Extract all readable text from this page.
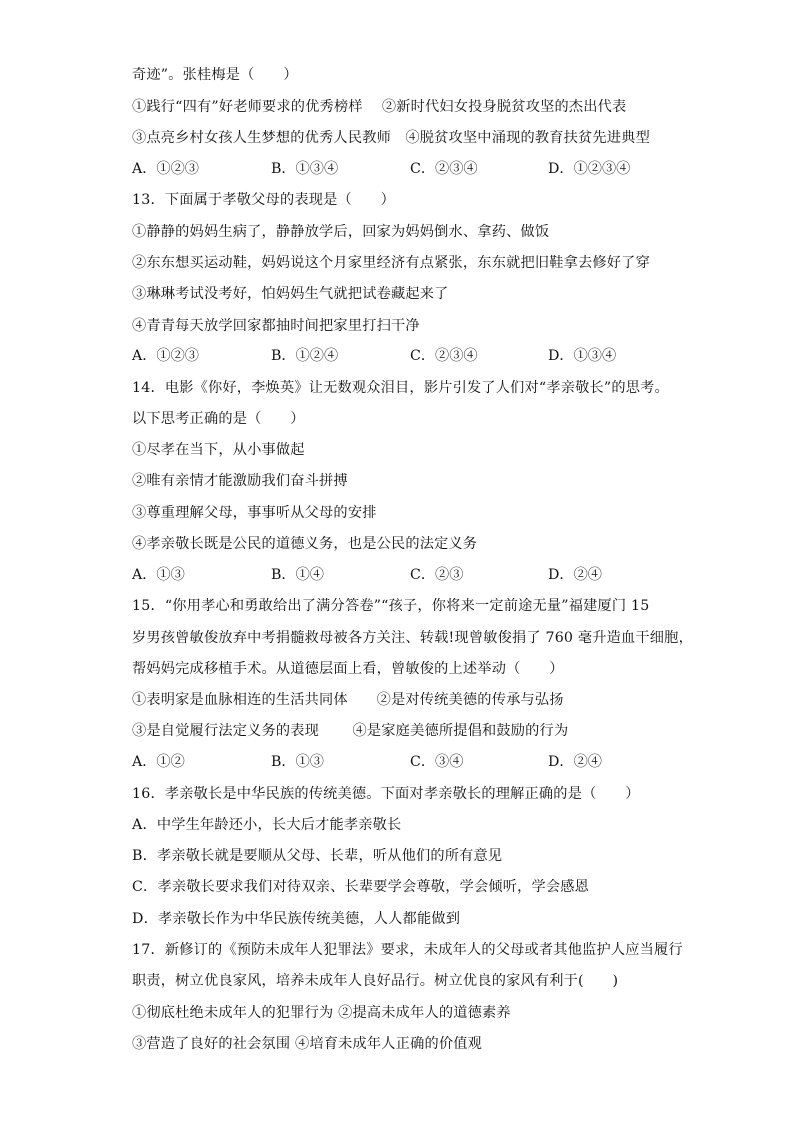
奇迹”。张桂梅是（　　）
①践行“四有”好老师要求的优秀榜样　 ②新时代妇女投身脱贫攻坚的杰出代表
③点亮乡村女孩人生梦想的优秀人民教师　④脱贫攻坚中涌现的教育扶贫先进典型
A．①②③	B．①③④	C．②③④	D．①②③④
13．下面属于孝敬父母的表现是（　　）
①静静的妈妈生病了，静静放学后，回家为妈妈倒水、拿药、做饭
②东东想买运动鞋，妈妈说这个月家里经济有点紧张，东东就把旧鞋拿去修好了穿
③琳琳考试没考好，怕妈妈生气就把试卷藏起来了
④青青每天放学回家都抽时间把家里打扫干净
A．①②③	B．①②④	C．②③④	D．①③④
14．电影《你好，李焕英》让无数观众泪目，影片引发了人们对“孝亲敬长”的思考。
以下思考正确的是（　　）
①尽孝在当下，从小事做起
②唯有亲情才能激励我们奋斗拼搏
③尊重理解父母，事事听从父母的安排
④孝亲敬长既是公民的道德义务，也是公民的法定义务
A．①③	B．①④	C．②③	D．②④
15．“你用孝心和勇敢给出了满分答卷”“孩子，你将来一定前途无量”福建厦门 15
岁男孩曾敏俊放弃中考捐髓救母被各方关注、转载!现曾敏俊捐了 760 毫升造血干细胞，
帮妈妈完成移植手术。从道德层面上看，曾敏俊的上述举动（　　）
①表明家是血脉相连的生活共同体　　②是对传统美德的传承与弘扬
③是自觉履行法定义务的表现　　 ④是家庭美德所提倡和鼓励的行为
A．①②	B．①③	C．③④	D．②④
16．孝亲敬长是中华民族的传统美德。下面对孝亲敬长的理解正确的是（　　）
A．中学生年龄还小，长大后才能孝亲敬长
B．孝亲敬长就是要顺从父母、长辈，听从他们的所有意见
C．孝亲敬长要求我们对待双亲、长辈要学会尊敬，学会倾听，学会感恩
D．孝亲敬长作为中华民族传统美德，人人都能做到
17．新修订的《预防未成年人犯罪法》要求，未成年人的父母或者其他监护人应当履行
职责，树立优良家风，培养未成年人良好品行。树立优良的家风有利于(　　)
①彻底杜绝未成年人的犯罪行为 ②提高未成年人的道德素养
③营造了良好的社会氛围 ④培育未成年人正确的价值观
